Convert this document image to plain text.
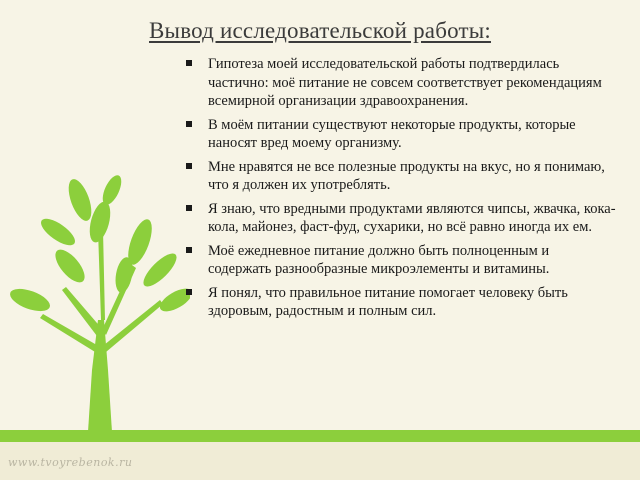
Вывод исследовательской работы:
Гипотеза моей исследовательской работы подтвердилась частично: моё питание не совсем соответствует рекомендациям всемирной организации здравоохранения.
В моём питании существуют некоторые продукты, которые наносят вред моему организму.
Мне нравятся не все полезные продукты на вкус, но я понимаю, что я должен их употреблять.
Я знаю, что вредными продуктами являются чипсы, жвачка, кока-кола, майонез, фаст-фуд, сухарики, но всё равно иногда их ем.
Моё ежедневное питание должно быть полноценным и содержать разнообразные микроэлементы и витамины.
Я понял, что правильное питание помогает человеку быть здоровым, радостным и полным сил.
www.tvoyrebenok.ru
